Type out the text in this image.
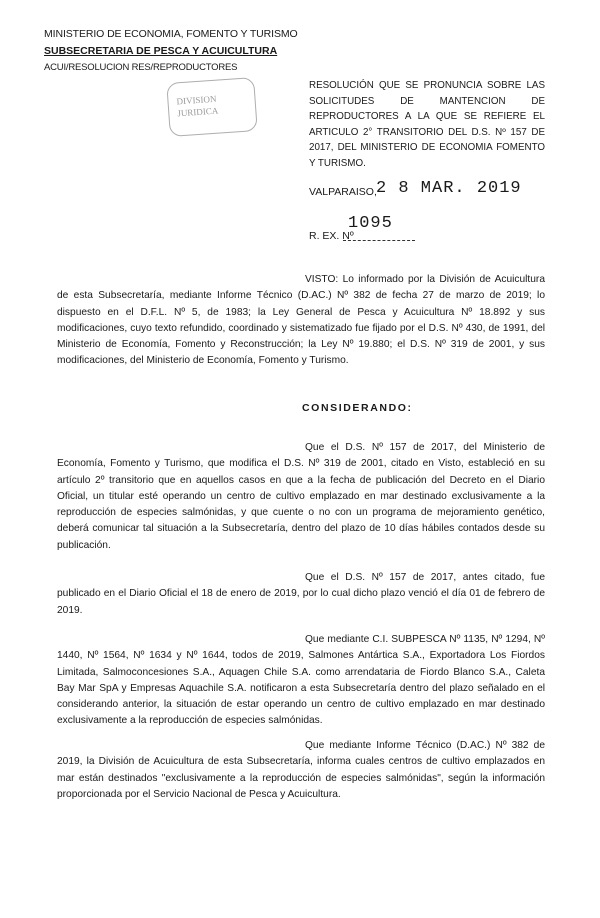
MINISTERIO DE ECONOMIA, FOMENTO Y TURISMO
SUBSECRETARIA DE PESCA Y ACUICULTURA
ACUI/RESOLUCION RES/REPRODUCTORES
DIVISION
JURIDICA
RESOLUCIÓN QUE SE PRONUNCIA SOBRE LAS SOLICITUDES DE MANTENCION DE REPRODUCTORES A LA QUE SE REFIERE EL ARTICULO 2° TRANSITORIO DEL D.S. Nº 157 DE 2017, DEL MINISTERIO DE ECONOMIA FOMENTO Y TURISMO.
VALPARAISO, 2 8 MAR. 2019
R. EX. Nº
1095
VISTO: Lo informado por la División de Acuicultura de esta Subsecretaría, mediante Informe Técnico (D.AC.) Nº 382 de fecha 27 de marzo de 2019; lo dispuesto en el D.F.L. Nº 5, de 1983; la Ley General de Pesca y Acuicultura Nº 18.892 y sus modificaciones, cuyo texto refundido, coordinado y sistematizado fue fijado por el D.S. Nº 430, de 1991, del Ministerio de Economía, Fomento y Reconstrucción; la Ley Nº 19.880; el D.S. Nº 319 de 2001, y sus modificaciones, del Ministerio de Economía, Fomento y Turismo.
CONSIDERANDO:
Que el D.S. Nº 157 de 2017, del Ministerio de Economía, Fomento y Turismo, que modifica el D.S. Nº 319 de 2001, citado en Visto, estableció en su artículo 2º transitorio que en aquellos casos en que a la fecha de publicación del Decreto en el Diario Oficial, un titular esté operando un centro de cultivo emplazado en mar destinado exclusivamente a la reproducción de especies salmónidas, y que cuente o no con un programa de mejoramiento genético, deberá comunicar tal situación a la Subsecretaría, dentro del plazo de 10 días hábiles contados desde su publicación.
Que el D.S. Nº 157 de 2017, antes citado, fue publicado en el Diario Oficial el 18 de enero de 2019, por lo cual dicho plazo venció el día 01 de febrero de 2019.
Que mediante C.I. SUBPESCA Nº 1135, Nº 1294, Nº 1440, Nº 1564, Nº 1634 y Nº 1644, todos de 2019, Salmones Antártica S.A., Exportadora Los Fiordos Limitada, Salmoconcesiones S.A., Aquagen Chile S.A. como arrendataria de Fiordo Blanco S.A., Caleta Bay Mar SpA y Empresas Aquachile S.A. notificaron a esta Subsecretaría dentro del plazo señalado en el considerando anterior, la situación de estar operando un centro de cultivo emplazado en mar destinado exclusivamente a la reproducción de especies salmónidas.
Que mediante Informe Técnico (D.AC.) Nº 382 de 2019, la División de Acuicultura de esta Subsecretaría, informa cuales centros de cultivo emplazados en mar están destinados "exclusivamente a la reproducción de especies salmónidas", según la información proporcionada por el Servicio Nacional de Pesca y Acuicultura.
